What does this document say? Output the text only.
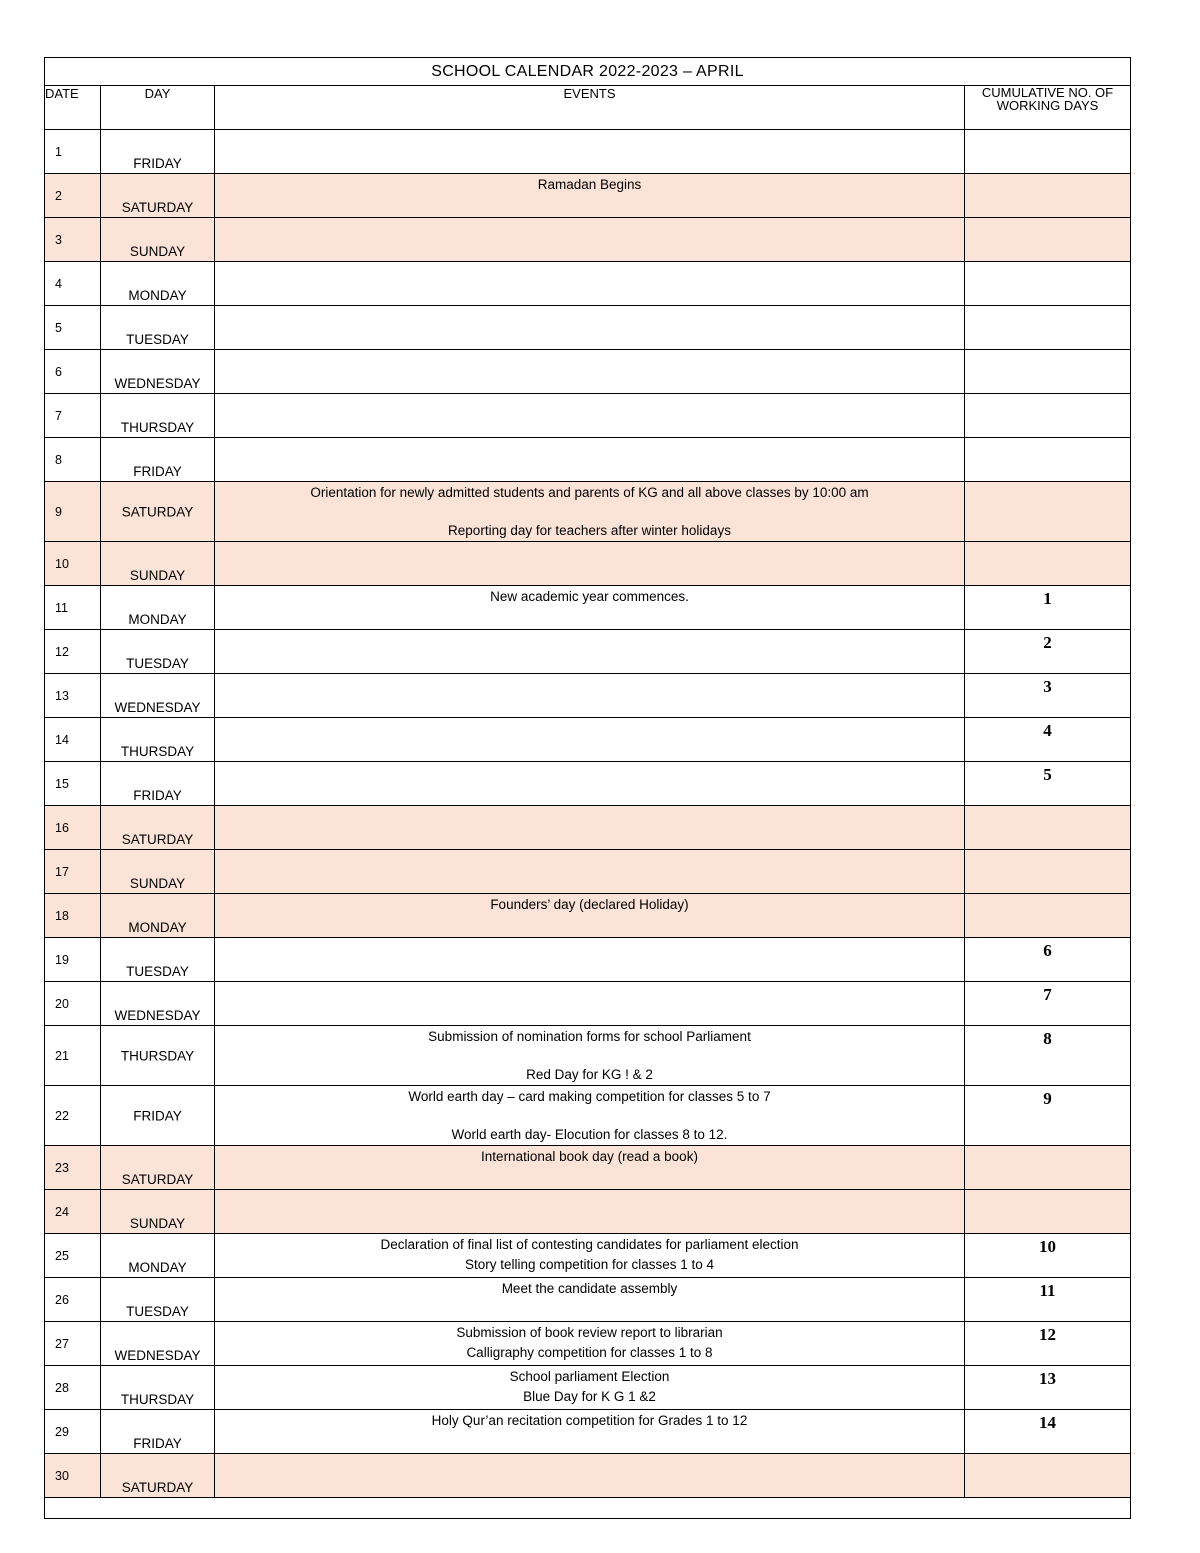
SCHOOL CALENDAR 2022-2023 – APRIL			
DATE	DAY	EVENTS	CUMULATIVE NO. OF
WORKING DAYS

1	FRIDAY		

2	SATURDAY	Ramadan Begins	

3	SUNDAY		

4	MONDAY		

5	TUESDAY		

6	WEDNESDAY		

7	THURSDAY		

8	FRIDAY		

9	SATURDAY	Orientation for newly admitted students and parents of KG and all above classes by 10:00 am
Reporting day for teachers after winter holidays	

10	SUNDAY		

11	MONDAY	New academic year commences.	1

12	TUESDAY		2

13	WEDNESDAY		3

14	THURSDAY		4

15	FRIDAY		5

16	SATURDAY		

17	SUNDAY		

18	MONDAY	Founders’ day (declared Holiday)	

19	TUESDAY		6

20	WEDNESDAY		7

21	THURSDAY	Submission of nomination forms for school Parliament
Red Day for KG ! & 2	8

22	FRIDAY	World earth day – card making competition for classes 5 to 7
World earth day- Elocution for classes 8 to 12.	9

23	SATURDAY	International book day (read a book)	

24	SUNDAY		

25	MONDAY	Declaration of final list of contesting candidates for parliament election
Story telling competition for classes 1 to 4	10

26	TUESDAY	Meet the candidate assembly	11

27	WEDNESDAY	Submission of book review report to librarian
Calligraphy competition for classes 1 to 8	12

28	THURSDAY	School parliament Election
Blue Day for K G 1 &2	13

29	FRIDAY	Holy Qur’an recitation competition for Grades 1 to 12	14

30	SATURDAY		
